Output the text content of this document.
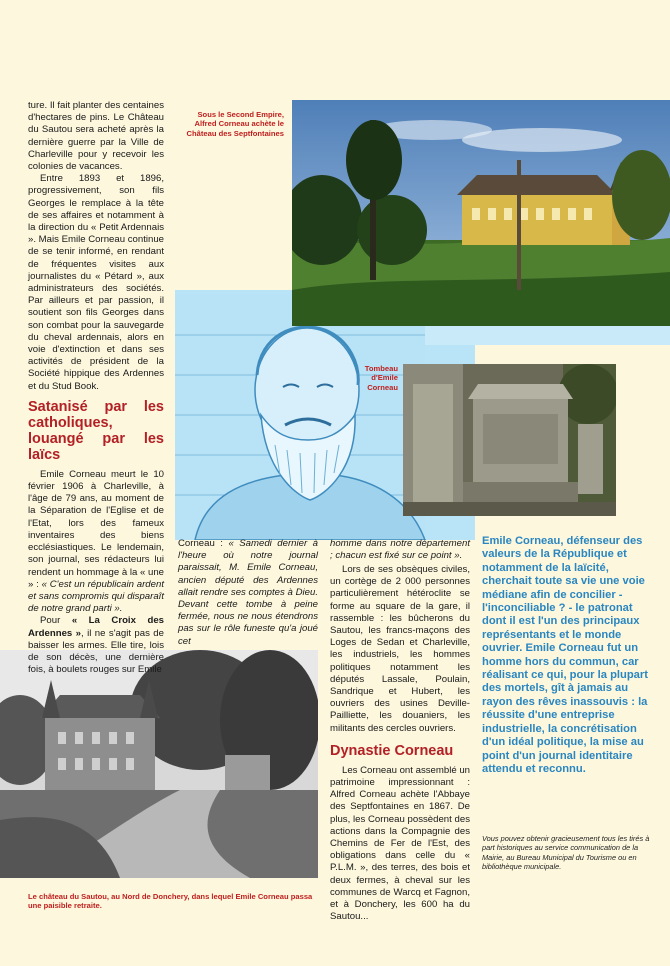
ture. Il fait planter des centaines d'hectares de pins. Le Château du Sautou sera acheté après la dernière guerre par la Ville de Charleville pour y recevoir les colonies de vacances.

Entre 1893 et 1896, progressivement, son fils Georges le remplace à la tête de ses affaires et notamment à la direction du « Petit Ardennais ». Mais Emile Corneau continue de se tenir informé, en rendant de fréquentes visites aux journalistes du « Pétard », aux administrateurs des sociétés. Par ailleurs et par passion, il soutient son fils Georges dans son combat pour la sauvegarde du cheval ardennais, alors en voie d'extinction et dans ses activités de président de la Société hippique des Ardennes et du Stud Book.

Satanisé par les catholiques, louangé par les laïcs

Emile Corneau meurt le 10 février 1906 à Charleville, à l'âge de 79 ans, au moment de la Séparation de l'Eglise et de l'Etat, lors des fameux inventaires des biens ecclésiastiques. Le lendemain, son journal, ses rédacteurs lui rendent un hommage à la « une » : « C'est un républicain ardent et sans compromis qui disparaît de notre grand parti ».

Pour « La Croix des Ardennes », il ne s'agit pas de baisser les armes. Elle tire, lois de son décès, une dernière fois, à boulets rouges sur Emile

Sous le Second Empire, Alfred Corneau achète le Château des Septfontaines
Tombeau d'Emile Corneau
Le château du Sautou, au Nord de Donchery, dans lequel Emile Corneau passa une paisible retraite.

Corneau : « Samedi dernier à l'heure où notre journal paraissait, M. Emile Corneau, ancien député des Ardennes allait rendre ses comptes à Dieu. Devant cette tombe à peine fermée, nous ne nous étendrons pas sur le rôle funeste qu'a joué cet

homme dans notre département ; chacun est fixé sur ce point ».

Lors de ses obsèques civiles, un cortège de 2 000 personnes particulièrement hétéroclite se forme au square de la gare, il rassemble : les bûcherons du Sautou, les francs-maçons des Loges de Sedan et Charleville, les industriels, les hommes politiques notamment les députés Lassale, Poulain, Sandrique et Hubert, les ouvriers des usines Deville-Pailliette, les douaniers, les militants des cercles ouvriers.

Dynastie Corneau

Les Corneau ont assemblé un patrimoine impressionnant : Alfred Corneau achète l'Abbaye des Septfontaines en 1867. De plus, les Corneau possèdent des actions dans la Compagnie des Chemins de Fer de l'Est, des obligations dans celle du « P.L.M. », des terres, des bois et deux fermes, à cheval sur les communes de Warcq et Fagnon, et à Donchery, les 600 ha du Sautou...

Emile Corneau, défenseur des valeurs de la République et notamment de la laïcité, cherchait toute sa vie une voie médiane afin de concilier - l'inconciliable ? - le patronat dont il est l'un des principaux représentants et le monde ouvrier. Emile Corneau fut un homme hors du commun, car réalisant ce qui, pour la plupart des mortels, gît à jamais au rayon des rêves inassouvis : la réussite d'une entreprise industrielle, la concrétisation d'un idéal politique, la mise au point d'un journal identitaire attendu et reconnu.
Vous pouvez obtenir gracieusement tous les tirés à part historiques au service communication de la Mairie, au Bureau Municipal du Tourisme ou en bibliothèque municipale.
